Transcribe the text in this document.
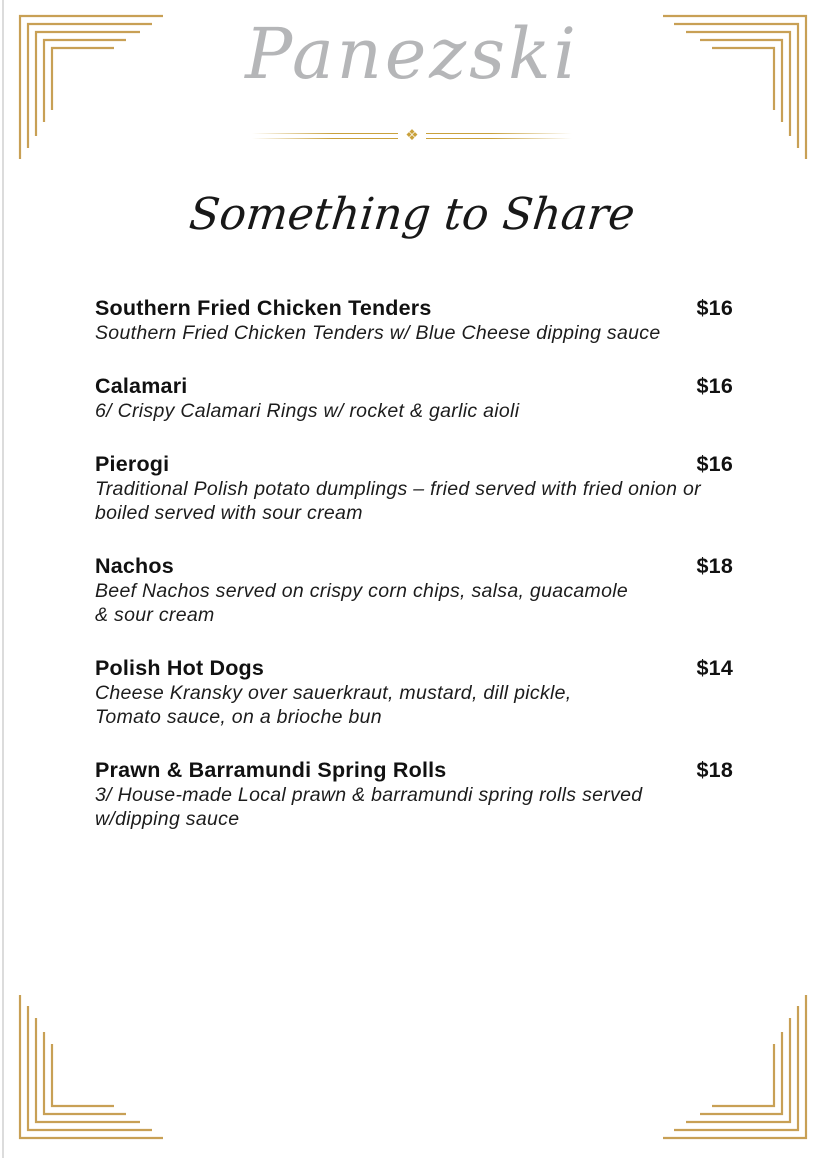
Panezski
❖
Something to Share
Southern Fried Chicken Tenders	$16
Southern Fried Chicken Tenders w/ Blue Cheese dipping sauce
Calamari	$16
6/ Crispy Calamari Rings w/ rocket & garlic aioli
Pierogi	$16
Traditional Polish potato dumplings – fried served with fried onion or
boiled served with sour cream
Nachos	$18
Beef Nachos served on crispy corn chips, salsa, guacamole
& sour cream
Polish Hot Dogs	$14
Cheese Kransky over sauerkraut, mustard, dill pickle,
Tomato sauce, on a brioche bun
Prawn & Barramundi Spring Rolls	$18
3/ House-made Local prawn & barramundi spring rolls served
w/dipping sauce
